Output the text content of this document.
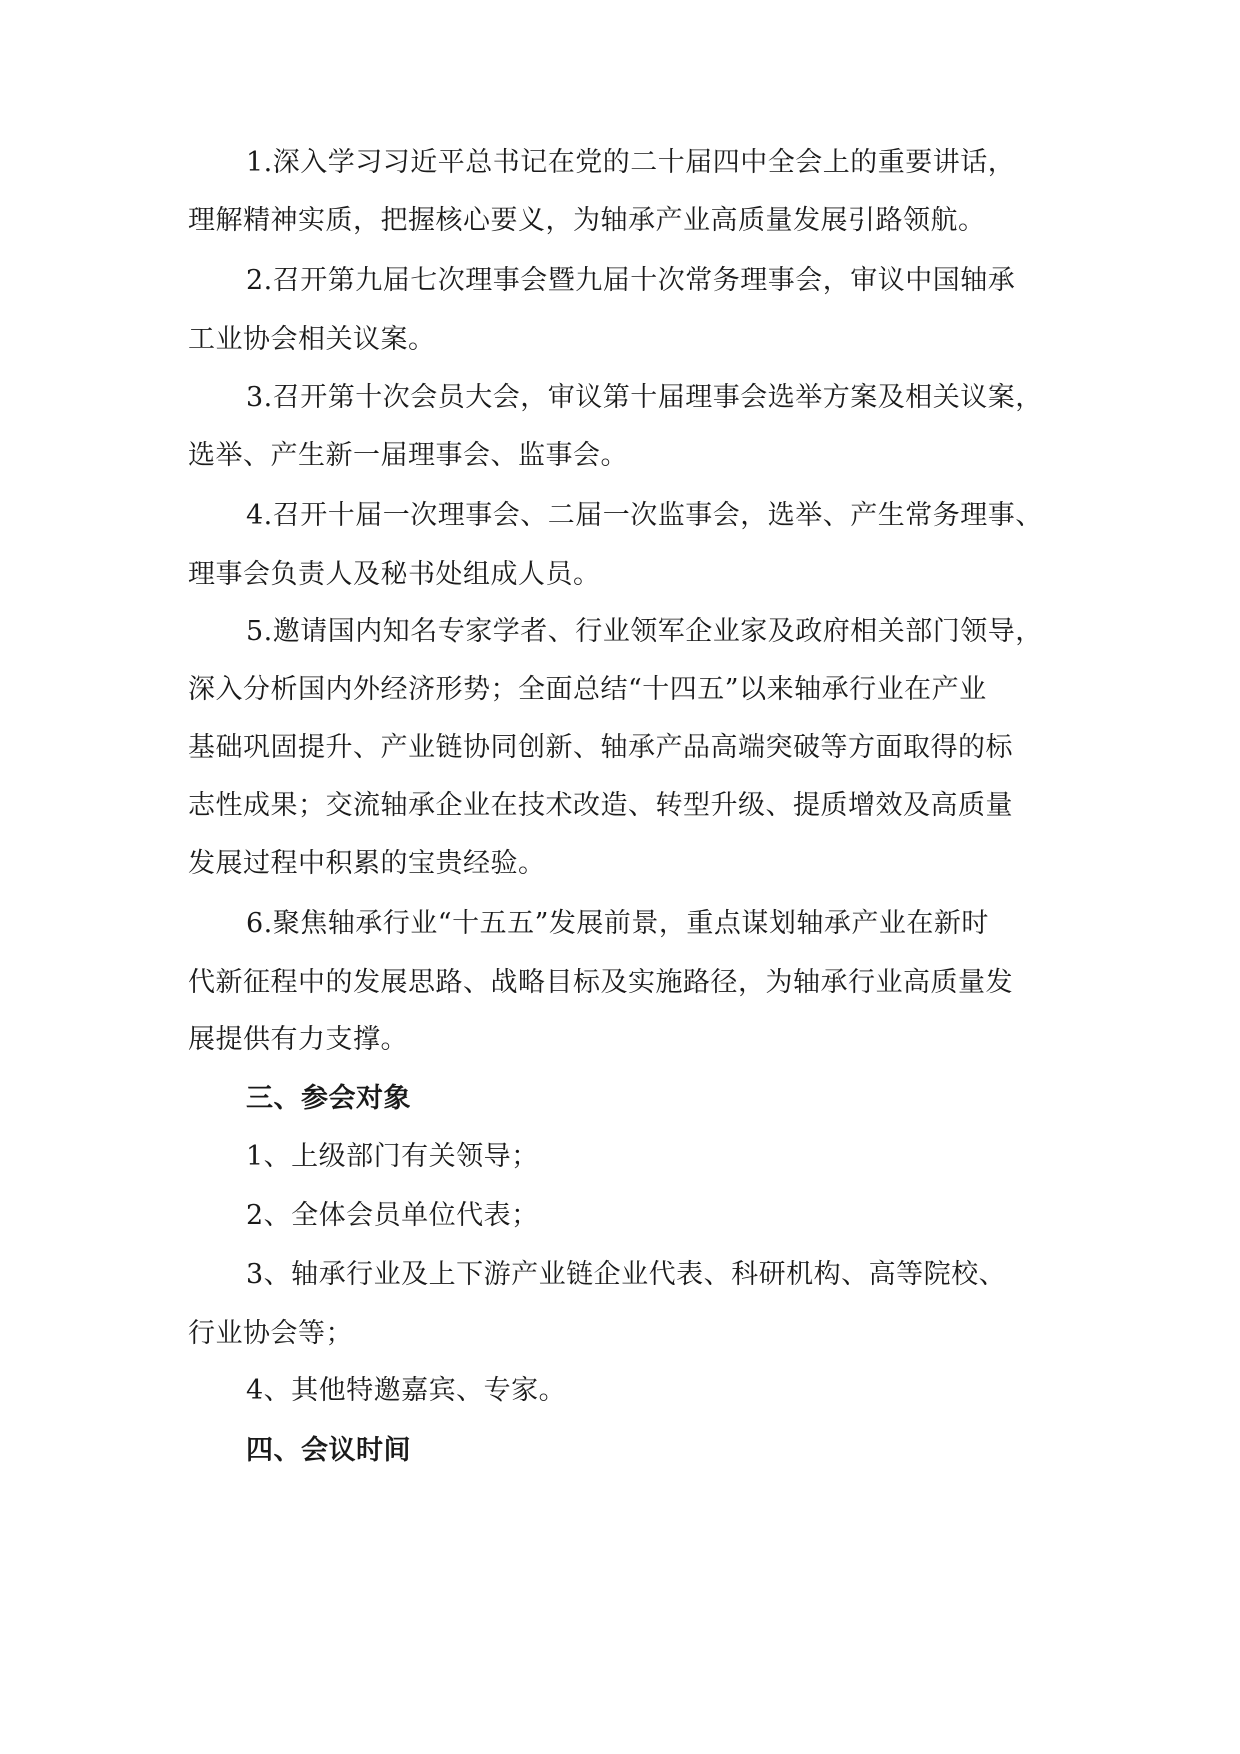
1.深入学习习近平总书记在党的二十届四中全会上的重要讲话，
理解精神实质，把握核心要义，为轴承产业高质量发展引路领航。
2.召开第九届七次理事会暨九届十次常务理事会，审议中国轴承
工业协会相关议案。
3.召开第十次会员大会，审议第十届理事会选举方案及相关议案，
选举、产生新一届理事会、监事会。
4.召开十届一次理事会、二届一次监事会，选举、产生常务理事、
理事会负责人及秘书处组成人员。
5.邀请国内知名专家学者、行业领军企业家及政府相关部门领导，
深入分析国内外经济形势；全面总结“十四五”以来轴承行业在产业
基础巩固提升、产业链协同创新、轴承产品高端突破等方面取得的标
志性成果；交流轴承企业在技术改造、转型升级、提质增效及高质量
发展过程中积累的宝贵经验。
6.聚焦轴承行业“十五五”发展前景，重点谋划轴承产业在新时
代新征程中的发展思路、战略目标及实施路径，为轴承行业高质量发
展提供有力支撑。
三、参会对象
1、上级部门有关领导；
2、全体会员单位代表；
3、轴承行业及上下游产业链企业代表、科研机构、高等院校、
行业协会等；
4、其他特邀嘉宾、专家。
四、会议时间
